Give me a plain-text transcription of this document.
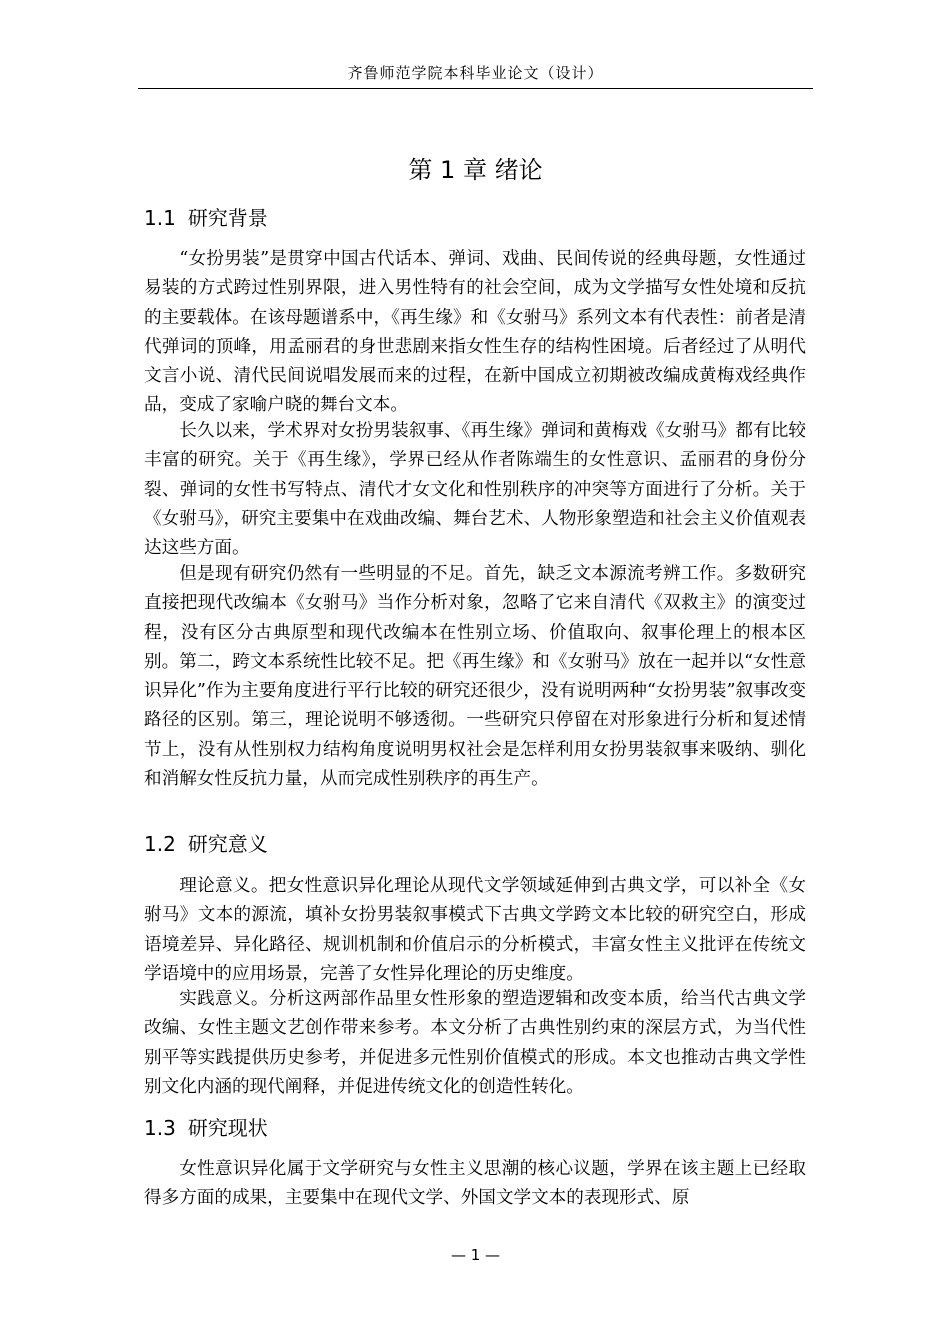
齐鲁师范学院本科毕业论文（设计）
第 1 章 绪论
1.1 研究背景

“女扮男装”是贯穿中国古代话本、弹词、戏曲、民间传说的经典母题，女性通过易装的方式跨过性别界限，进入男性特有的社会空间，成为文学描写女性处境和反抗的主要载体。在该母题谱系中，《再生缘》和《女驸马》系列文本有代表性：前者是清代弹词的顶峰，用孟丽君的身世悲剧来指女性生存的结构性困境。后者经过了从明代文言小说、清代民间说唱发展而来的过程，在新中国成立初期被改编成黄梅戏经典作品，变成了家喻户晓的舞台文本。

长久以来，学术界对女扮男装叙事、《再生缘》弹词和黄梅戏《女驸马》都有比较丰富的研究。关于《再生缘》，学界已经从作者陈端生的女性意识、孟丽君的身份分裂、弹词的女性书写特点、清代才女文化和性别秩序的冲突等方面进行了分析。关于《女驸马》，研究主要集中在戏曲改编、舞台艺术、人物形象塑造和社会主义价值观表达这些方面。

但是现有研究仍然有一些明显的不足。首先，缺乏文本源流考辨工作。多数研究直接把现代改编本《女驸马》当作分析对象，忽略了它来自清代《双救主》的演变过程，没有区分古典原型和现代改编本在性别立场、价值取向、叙事伦理上的根本区别。第二，跨文本系统性比较不足。把《再生缘》和《女驸马》放在一起并以“女性意识异化”作为主要角度进行平行比较的研究还很少，没有说明两种“女扮男装”叙事改变路径的区别。第三，理论说明不够透彻。一些研究只停留在对形象进行分析和复述情节上，没有从性别权力结构角度说明男权社会是怎样利用女扮男装叙事来吸纳、驯化和消解女性反抗力量，从而完成性别秩序的再生产。

1.2 研究意义

理论意义。把女性意识异化理论从现代文学领域延伸到古典文学，可以补全《女驸马》文本的源流，填补女扮男装叙事模式下古典文学跨文本比较的研究空白，形成语境差异、异化路径、规训机制和价值启示的分析模式，丰富女性主义批评在传统文学语境中的应用场景，完善了女性异化理论的历史维度。

实践意义。分析这两部作品里女性形象的塑造逻辑和改变本质，给当代古典文学改编、女性主题文艺创作带来参考。本文分析了古典性别约束的深层方式，为当代性别平等实践提供历史参考，并促进多元性别价值模式的形成。本文也推动古典文学性别文化内涵的现代阐释，并促进传统文化的创造性转化。

1.3 研究现状

女性意识异化属于文学研究与女性主义思潮的核心议题，学界在该主题上已经取得多方面的成果，主要集中在现代文学、外国文学文本的表现形式、原

— 1 —
